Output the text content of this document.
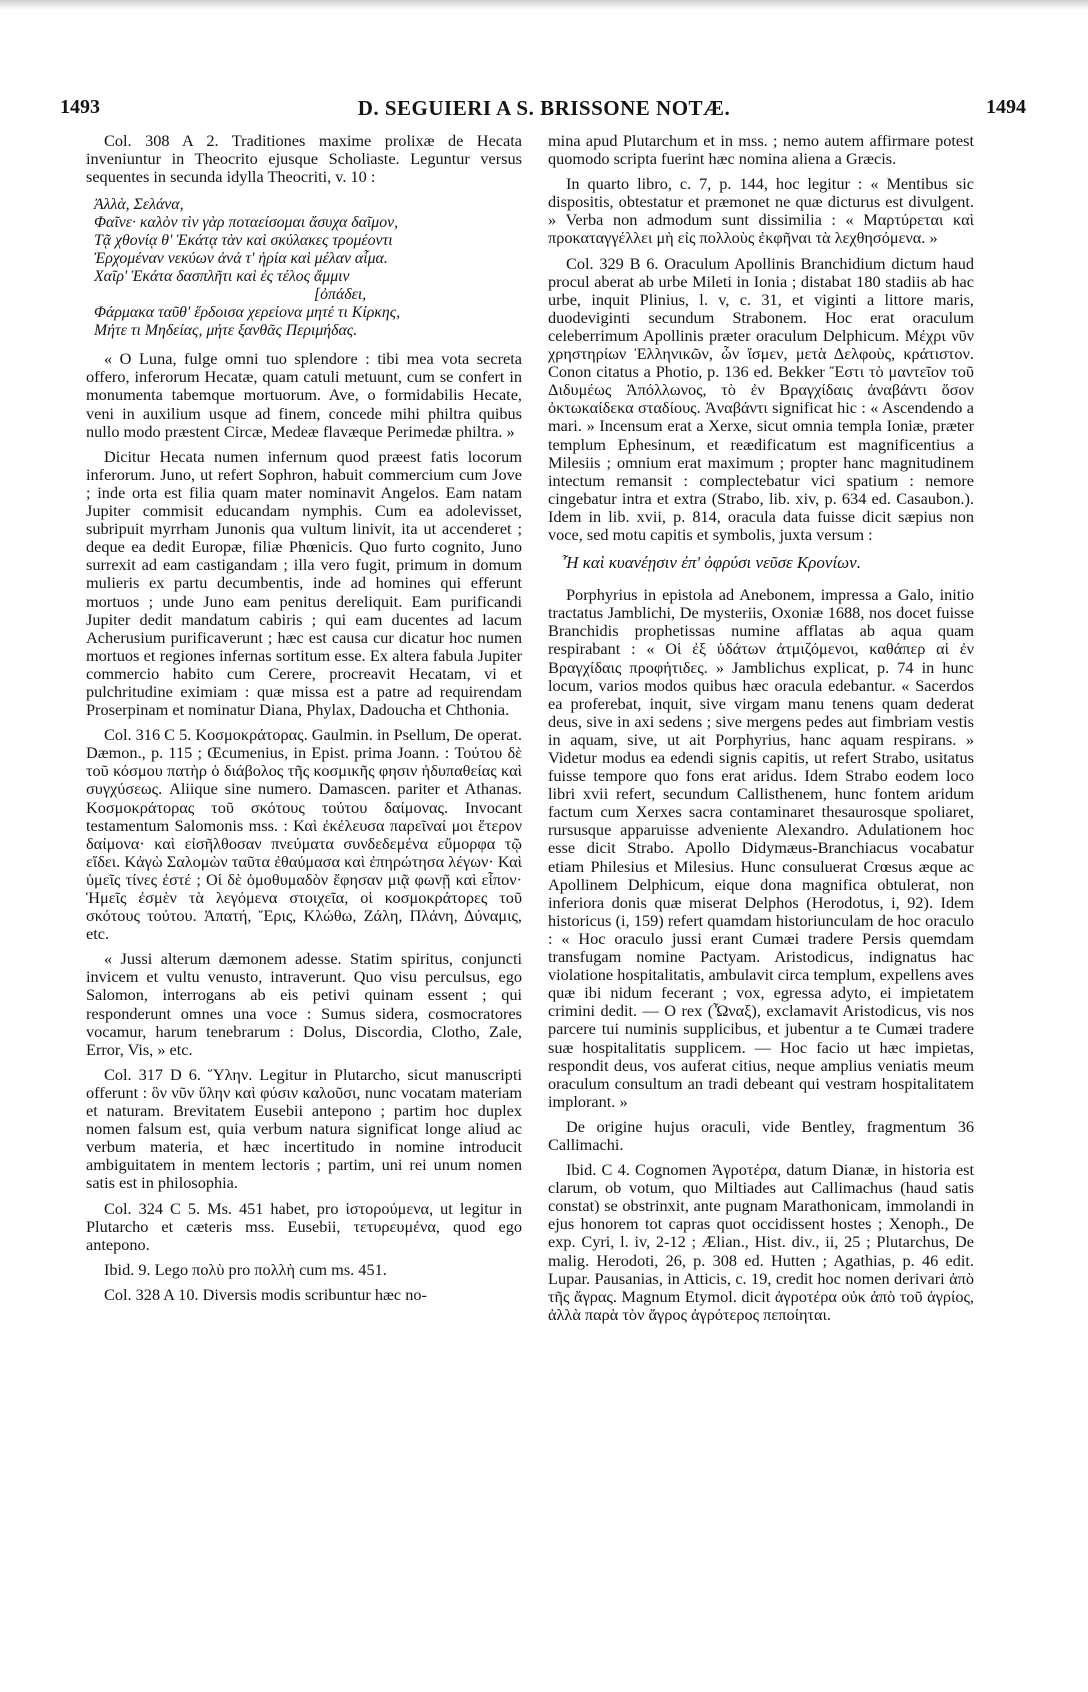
1493	D. SEGUIERI A S. BRISSONE NOTÆ.	1494

Col. 308 A 2. Traditiones maxime prolixæ de Hecata inveniuntur in Theocrito ejusque Scholiaste. Leguntur versus sequentes in secunda idylla Theocriti, v. 10 :

Ἀλλὰ, Σελάνα,
Φαῖνε· καλὸν τὶν γὰρ ποταείσομαι ἄσυχα δαῖμον,
Τᾷ χθονίᾳ θ' Ἑκάτᾳ τὰν καὶ σκύλακες τρομέοντι
Ἐρχομέναν νεκύων ἀνά τ' ἠρία καὶ μέλαν αἷμα.
Χαῖρ' Ἑκάτα δασπλῆτι καὶ ἐς τέλος ἄμμιν
[ὀπάδει,
Φάρμακα ταῦθ' ἕρδοισα χερείονα μητέ τι Κίρκης,
Μήτε τι Μηδείας, μήτε ξανθᾶς Περιμήδας.

« O Luna, fulge omni tuo splendore : tibi mea vota secreta offero, inferorum Hecatæ, quam catuli metuunt, cum se confert in monumenta tabemque mortuorum. Ave, o formidabilis Hecate, veni in auxilium usque ad finem, concede mihi philtra quibus nullo modo præstent Circæ, Medeæ flavæque Perimedæ philtra. »

Dicitur Hecata numen infernum quod præest fatis locorum inferorum. Juno, ut refert Sophron, habuit commercium cum Jove ; inde orta est filia quam mater nominavit Angelos. Eam natam Jupiter commisit educandam nymphis. Cum ea adolevisset, subripuit myrrham Junonis qua vultum linivit, ita ut accenderet ; deque ea dedit Europæ, filiæ Phœnicis. Quo furto cognito, Juno surrexit ad eam castigandam ; illa vero fugit, primum in domum mulieris ex partu decumbentis, inde ad homines qui efferunt mortuos ; unde Juno eam penitus dereliquit. Eam purificandi Jupiter dedit mandatum cabiris ; qui eam ducentes ad lacum Acherusium purificaverunt ; hæc est causa cur dicatur hoc numen mortuos et regiones infernas sortitum esse. Ex altera fabula Jupiter commercio habito cum Cerere, procreavit Hecatam, vi et pulchritudine eximiam : quæ missa est a patre ad requirendam Proserpinam et nominatur Diana, Phylax, Dadoucha et Chthonia.

Col. 316 C 5. Κοσμοκράτορας. Gaulmin. in Psellum, De operat. Dæmon., p. 115 ; Œcumenius, in Epist. prima Joann. : Τούτου δὲ τοῦ κόσμου πατὴρ ὁ διάβολος τῆς κοσμικῆς φησιν ἠδυπαθείας καὶ συγχύσεως. Aliique sine numero. Damascen. pariter et Athanas. Κοσμοκράτορας τοῦ σκότους τούτου δαίμονας. Invocant testamentum Salomonis mss. : Καὶ ἐκέλευσα παρεῖναί μοι ἕτερον δαίμονα· καὶ εἰσῆλθοσαν πνεύματα συνδεδεμένα εὔμορφα τῷ εἴδει. Κἀγὼ Σαλομὼν ταῦτα ἐθαύμασα καὶ ἐπηρώτησα λέγων· Καὶ ὑμεῖς τίνες ἐστέ ; Οἱ δὲ ὁμοθυμαδὸν ἔφησαν μιᾷ φωνῇ καὶ εἶπον· Ἡμεῖς ἐσμὲν τὰ λεγόμενα στοιχεῖα, οἱ κοσμοκράτορες τοῦ σκότους τούτου. Ἀπατή, Ἔρις, Κλώθω, Ζάλη, Πλάνη, Δύναμις, etc.

« Jussi alterum dæmonem adesse. Statim spiritus, conjuncti invicem et vultu venusto, intraverunt. Quo visu perculsus, ego Salomon, interrogans ab eis petivi quinam essent ; qui responderunt omnes una voce : Sumus sidera, cosmocratores vocamur, harum tenebrarum : Dolus, Discordia, Clotho, Zale, Error, Vis, » etc.

Col. 317 D 6. Ὕλην. Legitur in Plutarcho, sicut manuscripti offerunt : ὃν νῦν ὕλην καὶ φύσιν καλοῦσι, nunc vocatam materiam et naturam. Brevitatem Eusebii antepono ; partim hoc duplex nomen falsum est, quia verbum natura significat longe aliud ac verbum materia, et hæc incertitudo in nomine introducit ambiguitatem in mentem lectoris ; partim, uni rei unum nomen satis est in philosophia.

Col. 324 C 5. Ms. 451 habet, pro ἱστορούμενα, ut legitur in Plutarcho et cæteris mss. Eusebii, τετυρευμένα, quod ego antepono.

Ibid. 9. Lego πολὺ pro πολλὴ cum ms. 451.

Col. 328 A 10. Diversis modis scribuntur hæc no-

mina apud Plutarchum et in mss. ; nemo autem affirmare potest quomodo scripta fuerint hæc nomina aliena a Græcis.

In quarto libro, c. 7, p. 144, hoc legitur : « Mentibus sic dispositis, obtestatur et præmonet ne quæ dicturus est divulgent. » Verba non admodum sunt dissimilia : « Μαρτύρεται καὶ προκαταγγέλλει μὴ εἰς πολλοὺς ἐκφῆναι τὰ λεχθησόμενα. »

Col. 329 B 6. Oraculum Apollinis Branchidium dictum haud procul aberat ab urbe Mileti in Ionia ; distabat 180 stadiis ab hac urbe, inquit Plinius, l. v, c. 31, et viginti a littore maris, duodeviginti secundum Strabonem. Hoc erat oraculum celeberrimum Apollinis præter oraculum Delphicum. Μέχρι νῦν χρηστηρίων Ἑλληνικῶν, ὧν ἴσμεν, μετὰ Δελφοὺς, κράτιστον. Conon citatus a Photio, p. 136 ed. Bekker Ἔστι τὸ μαντεῖον τοῦ Διδυμέως Ἀπόλλωνος, τὸ ἐν Βραγχίδαις ἀναβάντι ὅσον ὀκτωκαίδεκα σταδίους. Ἀναβάντι significat hic : « Ascendendo a mari. » Incensum erat a Xerxe, sicut omnia templa Ioniæ, præter templum Ephesinum, et reædificatum est magnificentius a Milesiis ; omnium erat maximum ; propter hanc magnitudinem intectum remansit : complectebatur vici spatium : nemore cingebatur intra et extra (Strabo, lib. xiv, p. 634 ed. Casaubon.). Idem in lib. xvii, p. 814, oracula data fuisse dicit sæpius non voce, sed motu capitis et symbolis, juxta versum :

Ἦ καὶ κυανέῃσιν ἐπ' ὀφρύσι νεῦσε Κρονίων.

Porphyrius in epistola ad Anebonem, impressa a Galo, initio tractatus Jamblichi, De mysteriis, Oxoniæ 1688, nos docet fuisse Branchidis prophetissas numine afflatas ab aqua quam respirabant : « Οἱ ἐξ ὑδάτων ἀτμιζόμενοι, καθάπερ αἱ ἐν Βραγχίδαις προφήτιδες. » Jamblichus explicat, p. 74 in hunc locum, varios modos quibus hæc oracula edebantur. « Sacerdos ea proferebat, inquit, sive virgam manu tenens quam dederat deus, sive in axi sedens ; sive mergens pedes aut fimbriam vestis in aquam, sive, ut ait Porphyrius, hanc aquam respirans. » Videtur modus ea edendi signis capitis, ut refert Strabo, usitatus fuisse tempore quo fons erat aridus. Idem Strabo eodem loco libri xvii refert, secundum Callisthenem, hunc fontem aridum factum cum Xerxes sacra contaminaret thesaurosque spoliaret, rursusque apparuisse adveniente Alexandro. Adulationem hoc esse dicit Strabo. Apollo Didymæus-Branchiacus vocabatur etiam Philesius et Milesius. Hunc consuluerat Crœsus æque ac Apollinem Delphicum, eique dona magnifica obtulerat, non inferiora donis quæ miserat Delphos (Herodotus, i, 92). Idem historicus (i, 159) refert quamdam historiunculam de hoc oraculo : « Hoc oraculo jussi erant Cumæi tradere Persis quemdam transfugam nomine Pactyam. Aristodicus, indignatus hac violatione hospitalitatis, ambulavit circa templum, expellens aves quæ ibi nidum fecerant ; vox, egressa adyto, ei impietatem crimini dedit. — O rex (Ὦναξ), exclamavit Aristodicus, vis nos parcere tui numinis supplicibus, et jubentur a te Cumæi tradere suæ hospitalitatis supplicem. — Hoc facio ut hæc impietas, respondit deus, vos auferat citius, neque amplius veniatis meum oraculum consultum an tradi debeant qui vestram hospitalitatem implorant. »

De origine hujus oraculi, vide Bentley, fragmentum 36 Callimachi.

Ibid. C 4. Cognomen Ἀγροτέρα, datum Dianæ, in historia est clarum, ob votum, quo Miltiades aut Callimachus (haud satis constat) se obstrinxit, ante pugnam Marathonicam, immolandi in ejus honorem tot capras quot occidissent hostes ; Xenoph., De exp. Cyri, l. iv, 2-12 ; Ælian., Hist. div., ii, 25 ; Plutarchus, De malig. Herodoti, 26, p. 308 ed. Hutten ; Agathias, p. 46 edit. Lupar. Pausanias, in Atticis, c. 19, credit hoc nomen derivari ἀπὸ τῆς ἄγρας. Magnum Etymol. dicit ἀγροτέρα οὐκ ἀπὸ τοῦ ἀγρίος, ἀλλὰ παρὰ τὸν ἄγρος ἀγρότερος πεποίηται.
